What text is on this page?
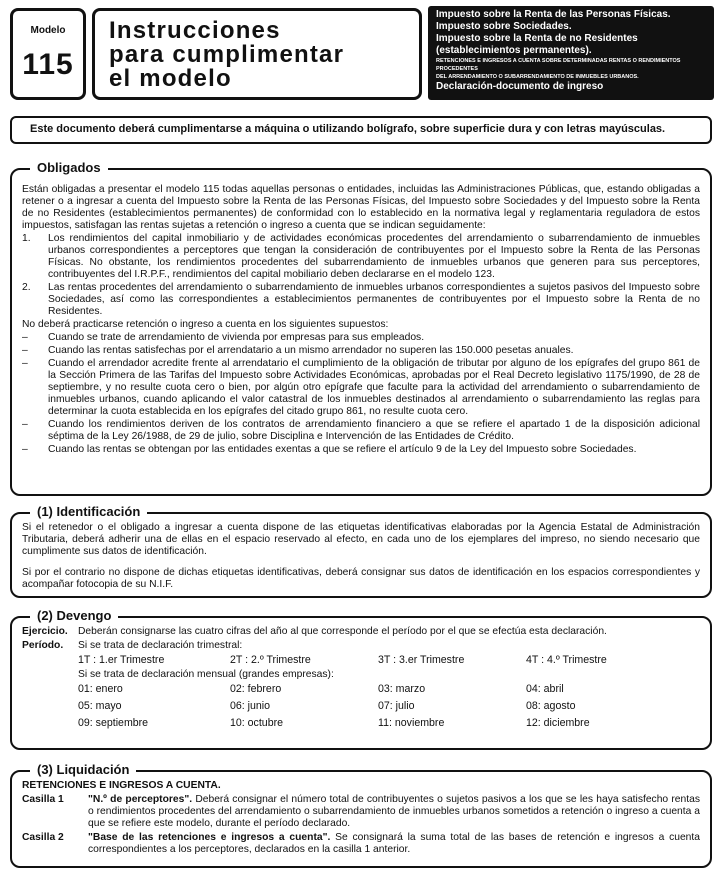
Modelo
115
Instrucciones
para cumplimentar
el modelo
Impuesto sobre la Renta de las Personas Físicas.
Impuesto sobre Sociedades.
Impuesto sobre la Renta de no Residentes (establecimientos permanentes).
RETENCIONES E INGRESOS A CUENTA SOBRE DETERMINADAS RENTAS O RENDIMIENTOS PROCEDENTES
DEL ARRENDAMIENTO O SUBARRENDAMIENTO DE INMUEBLES URBANOS.
Declaración-documento de ingreso
Este documento deberá cumplimentarse a máquina o utilizando bolígrafo, sobre superficie dura y con letras mayúsculas.
Obligados

Están obligadas a presentar el modelo 115 todas aquellas personas o entidades, incluidas las Administraciones Públicas, que, estando obligadas a retener o a ingresar a cuenta del Impuesto sobre la Renta de las Personas Físicas, del Impuesto sobre Sociedades y del Impuesto sobre la Renta de no Residentes (establecimientos permanentes) de conformidad con lo establecido en la normativa legal y reglamentaria reguladora de estos impuestos, satisfagan las rentas sujetas a retención o ingreso a cuenta que se indican seguidamente:

1.	Los rendimientos del capital inmobiliario y de actividades económicas procedentes del arrendamiento o subarrendamiento de inmuebles urbanos correspondientes a perceptores que tengan la consideración de contribuyentes por el Impuesto sobre la Renta de las Personas Físicas. No obstante, los rendimientos procedentes del subarrendamiento de inmuebles urbanos que generen para sus perceptores, contribuyentes del I.R.P.F., rendimientos del capital mobiliario deben declararse en el modelo 123.
2.	Las rentas procedentes del arrendamiento o subarrendamiento de inmuebles urbanos correspondientes a sujetos pasivos del Impuesto sobre Sociedades, así como las correspondientes a establecimientos permanentes de contribuyentes por el Impuesto sobre la Renta de no Residentes.

No deberá practicarse retención o ingreso a cuenta en los siguientes supuestos:

–	Cuando se trate de arrendamiento de vivienda por empresas para sus empleados.
–	Cuando las rentas satisfechas por el arrendatario a un mismo arrendador no superen las 150.000 pesetas anuales.
–	Cuando el arrendador acredite frente al arrendatario el cumplimiento de la obligación de tributar por alguno de los epígrafes del grupo 861 de la Sección Primera de las Tarifas del Impuesto sobre Actividades Económicas, aprobadas por el Real Decreto legislativo 1175/1990, de 28 de septiembre, y no resulte cuota cero o bien, por algún otro epígrafe que faculte para la actividad del arrendamiento o subarrendamiento de inmuebles urbanos, cuando aplicando el valor catastral de los inmuebles destinados al arrendamiento o subarrendamiento las reglas para determinar la cuota establecida en los epígrafes del citado grupo 861, no resulte cuota cero.
–	Cuando los rendimientos deriven de los contratos de arrendamiento financiero a que se refiere el apartado 1 de la disposición adicional séptima de la Ley 26/1988, de 29 de julio, sobre Disciplina e Intervención de las Entidades de Crédito.
–	Cuando las rentas se obtengan por las entidades exentas a que se refiere el artículo 9 de la Ley del Impuesto sobre Sociedades.
(1) Identificación

Si el retenedor o el obligado a ingresar a cuenta dispone de las etiquetas identificativas elaboradas por la Agencia Estatal de Administración Tributaria, deberá adherir una de ellas en el espacio reservado al efecto, en cada uno de los ejemplares del impreso, no siendo necesario que cumplimente sus datos de identificación.

Si por el contrario no dispone de dichas etiquetas identificativas, deberá consignar sus datos de identificación en los espacios correspondientes y acompañar fotocopia de su N.I.F.

(2) Devengo
Ejercicio. Deberán consignarse las cuatro cifras del año al que corresponde el período por el que se efectúa esta declaración.
Período.	Si se trata de declaración trimestral:
1T : 1.er Trimestre	2T : 2.º Trimestre	3T : 3.er Trimestre	4T : 4.º Trimestre
Si se trata de declaración mensual (grandes empresas):
01: enero	02: febrero	03: marzo	04: abril
05: mayo	06: junio	07: julio	08: agosto
09: septiembre	10: octubre	11: noviembre	12: diciembre
(3) Liquidación
RETENCIONES E INGRESOS A CUENTA.
Casilla 1	"N.º de perceptores". Deberá consignar el número total de contribuyentes o sujetos pasivos a los que se les haya satisfecho rentas o rendimientos procedentes del arrendamiento o subarrendamiento de inmuebles urbanos sometidos a retención o ingreso a cuenta a que se refiere este modelo, durante el período declarado.
Casilla 2	"Base de las retenciones e ingresos a cuenta". Se consignará la suma total de las bases de retención e ingresos a cuenta correspondientes a los perceptores, declarados en la casilla 1 anterior.
